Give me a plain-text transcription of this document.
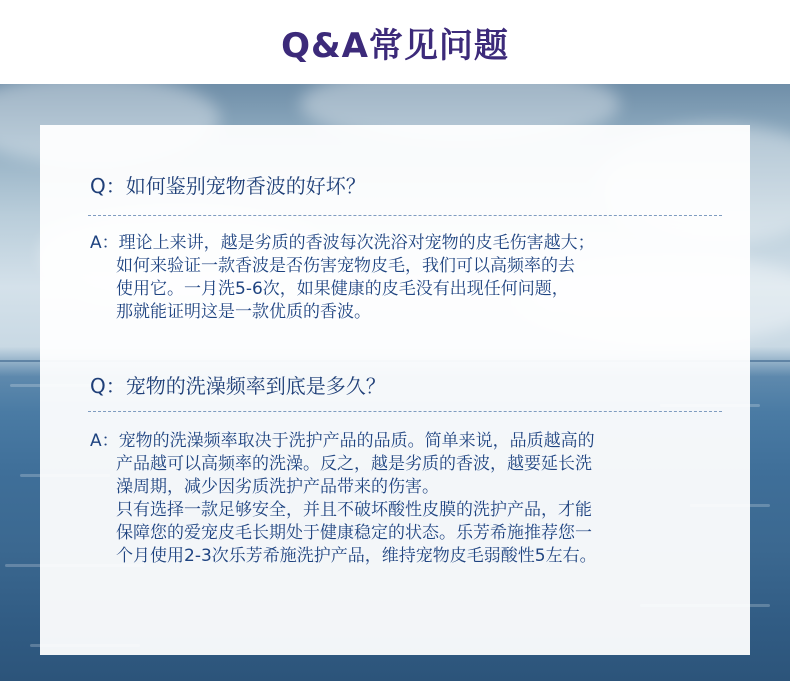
Q&A常见问题

Q：如何鉴别宠物香波的好坏？

A：理论上来讲，越是劣质的香波每次洗浴对宠物的皮毛伤害越大；
如何来验证一款香波是否伤害宠物皮毛，我们可以高频率的去
使用它。一月洗5-6次，如果健康的皮毛没有出现任何问题，
那就能证明这是一款优质的香波。

Q：宠物的洗澡频率到底是多久？

A：宠物的洗澡频率取决于洗护产品的品质。简单来说，品质越高的
产品越可以高频率的洗澡。反之，越是劣质的香波，越要延长洗
澡周期，减少因劣质洗护产品带来的伤害。
只有选择一款足够安全，并且不破坏酸性皮膜的洗护产品，才能
保障您的爱宠皮毛长期处于健康稳定的状态。乐芳希施推荐您一
个月使用2-3次乐芳希施洗护产品，维持宠物皮毛弱酸性5左右。
